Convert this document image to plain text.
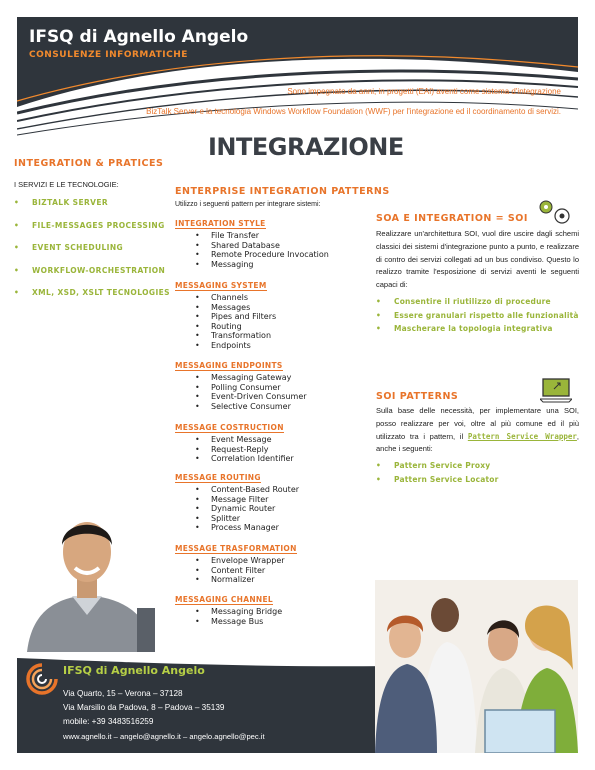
IFSQ di Agnello Angelo
CONSULENZE INFORMATICHE
Sono impegnato da anni, in progetti (EAI) aventi come sistema d'integrazione
BizTalk Server e la tecnologia Windows Workflow Foundation (WWF) per l'integrazione ed il coordinamento di servizi.
INTEGRAZIONE
INTEGRATION & PRATICES
I SERVIZI E LE TECNOLOGIE:
• BIZTALK SERVER
• FILE-MESSAGES PROCESSING
• EVENT SCHEDULING
• WORKFLOW-ORCHESTRATION
• XML, XSD, XSLT TECNOLOGIES
ENTERPRISE INTEGRATION PATTERNS
Utilizzo i seguenti pattern per integrare sistemi:
INTEGRATION STYLE
• File Transfer
• Shared Database
• Remote Procedure Invocation
• Messaging
MESSAGING SYSTEM
• Channels
• Messages
• Pipes and Filters
• Routing
• Transformation
• Endpoints
MESSAGING ENDPOINTS
• Messaging Gateway
• Polling Consumer
• Event-Driven Consumer
• Selective Consumer
MESSAGE COSTRUCTION
• Event Message
• Request-Reply
• Correlation Identifier
MESSAGE ROUTING
• Content-Based Router
• Message Filter
• Dynamic Router
• Splitter
• Process Manager
MESSAGE TRASFORMATION
• Envelope Wrapper
• Content Filter
• Normalizer
MESSAGING CHANNEL
• Messaging Bridge
• Message Bus
SOA E INTEGRATION = SOI
Realizzare un'architettura SOI, vuol dire uscire dagli schemi classici dei sistemi d'integrazione punto a punto, e realizzare di contro dei servizi collegati ad un bus condiviso. Questo lo realizzo tramite l'esposizione di servizi aventi le seguenti capaci di:
• Consentire il riutilizzo di procedure
• Essere granulari rispetto alle funzionalità
• Mascherare la topologia integrativa
SOI PATTERNS
Sulla base delle necessità, per implementare una SOI, posso realizzare per voi, oltre al più comune ed il più utilizzato tra i pattern, il Pattern Service Wrapper, anche i seguenti:
• Pattern Service Proxy
• Pattern Service Locator
IFSQ di Agnello Angelo
Via Quarto, 15 – Verona – 37128
Via Marsilio da Padova, 8 – Padova – 35139
mobile: +39 3483516259
www.agnello.it – angelo@agnello.it – angelo.agnello@pec.it
